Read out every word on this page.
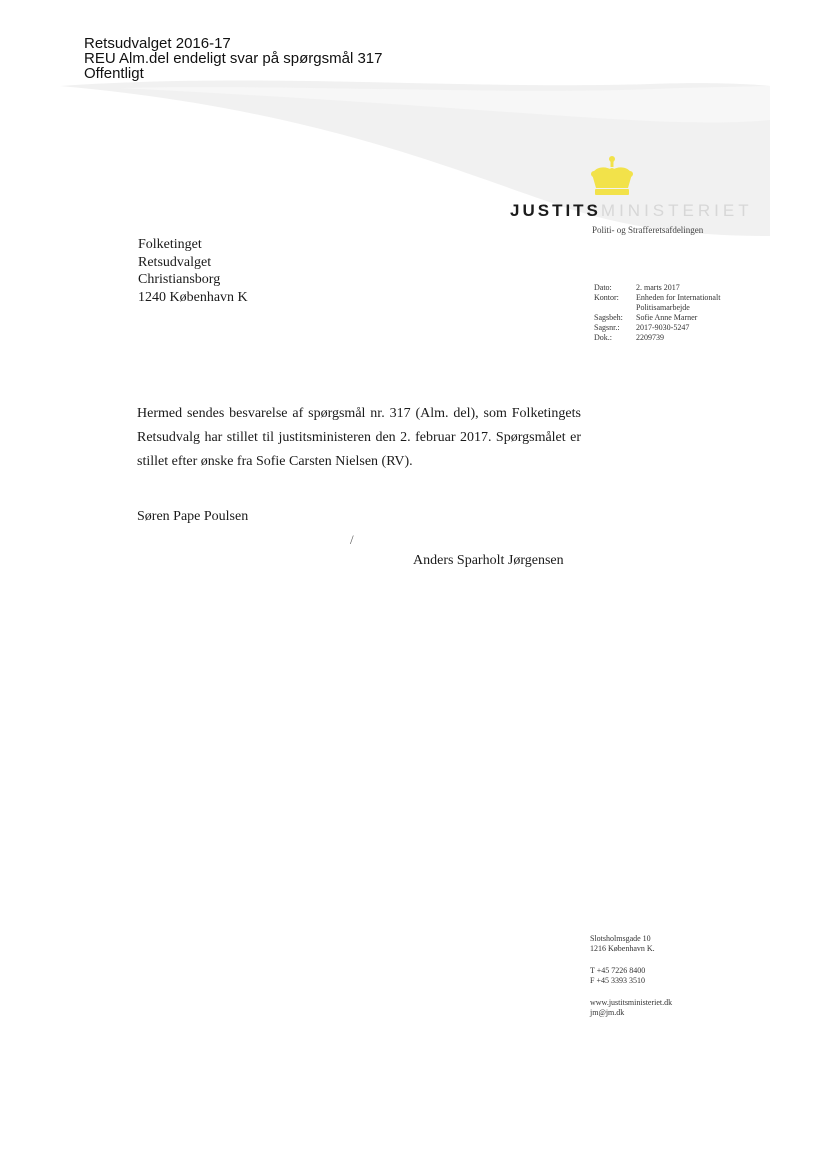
Retsudvalget 2016-17
REU Alm.del endeligt svar på spørgsmål 317
Offentligt
JUSTITSMINISTERIET
Politi- og Strafferetsafdelingen
Folketinget
Retsudvalget
Christiansborg
1240 København K
Dato:	2. marts 2017
Kontor:	Enheden for Internationalt
Politisamarbejde
Sagsbeh:	Sofie Anne Marner
Sagsnr.:	2017-9030-5247
Dok.:	2209739
Hermed sendes besvarelse af spørgsmål nr. 317 (Alm. del), som Folketingets Retsudvalg har stillet til justitsministeren den 2. februar 2017. Spørgsmålet er stillet efter ønske fra Sofie Carsten Nielsen (RV).
Søren Pape Poulsen
/
Anders Sparholt Jørgensen
Slotsholmsgade 10
1216 København K.
T +45 7226 8400
F +45 3393 3510
www.justitsministeriet.dk
jm@jm.dk
